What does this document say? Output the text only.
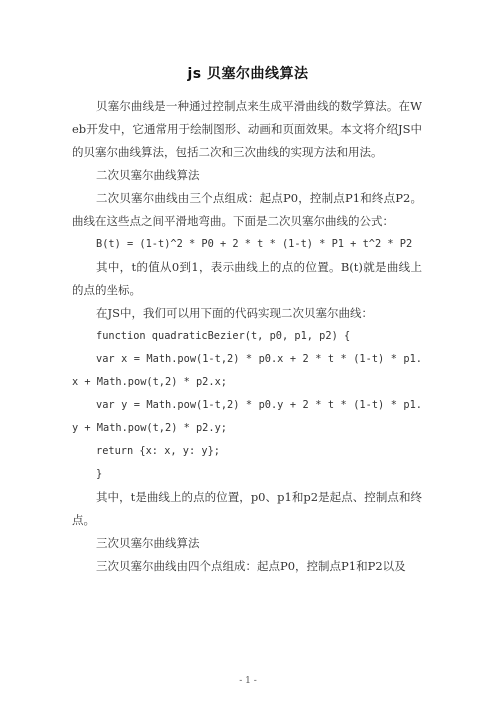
js 贝塞尔曲线算法

贝塞尔曲线是一种通过控制点来生成平滑曲线的数学算法。在Web开发中，它通常用于绘制图形、动画和页面效果。本文将介绍JS中的贝塞尔曲线算法，包括二次和三次曲线的实现方法和用法。

二次贝塞尔曲线算法

二次贝塞尔曲线由三个点组成：起点P0，控制点P1和终点P2。曲线在这些点之间平滑地弯曲。下面是二次贝塞尔曲线的公式：

B(t) = (1-t)^2 * P0 + 2 * t * (1-t) * P1 + t^2 * P2

其中，t的值从0到1，表示曲线上的点的位置。B(t)就是曲线上的点的坐标。

在JS中，我们可以用下面的代码实现二次贝塞尔曲线：

function quadraticBezier(t, p0, p1, p2) {

var x = Math.pow(1-t,2) * p0.x + 2 * t * (1-t) * p1.x + Math.pow(t,2) * p2.x;

var y = Math.pow(1-t,2) * p0.y + 2 * t * (1-t) * p1.y + Math.pow(t,2) * p2.y;

return {x: x, y: y};

}

其中，t是曲线上的点的位置，p0、p1和p2是起点、控制点和终点。

三次贝塞尔曲线算法

三次贝塞尔曲线由四个点组成：起点P0，控制点P1和P2以及

- 1 -
